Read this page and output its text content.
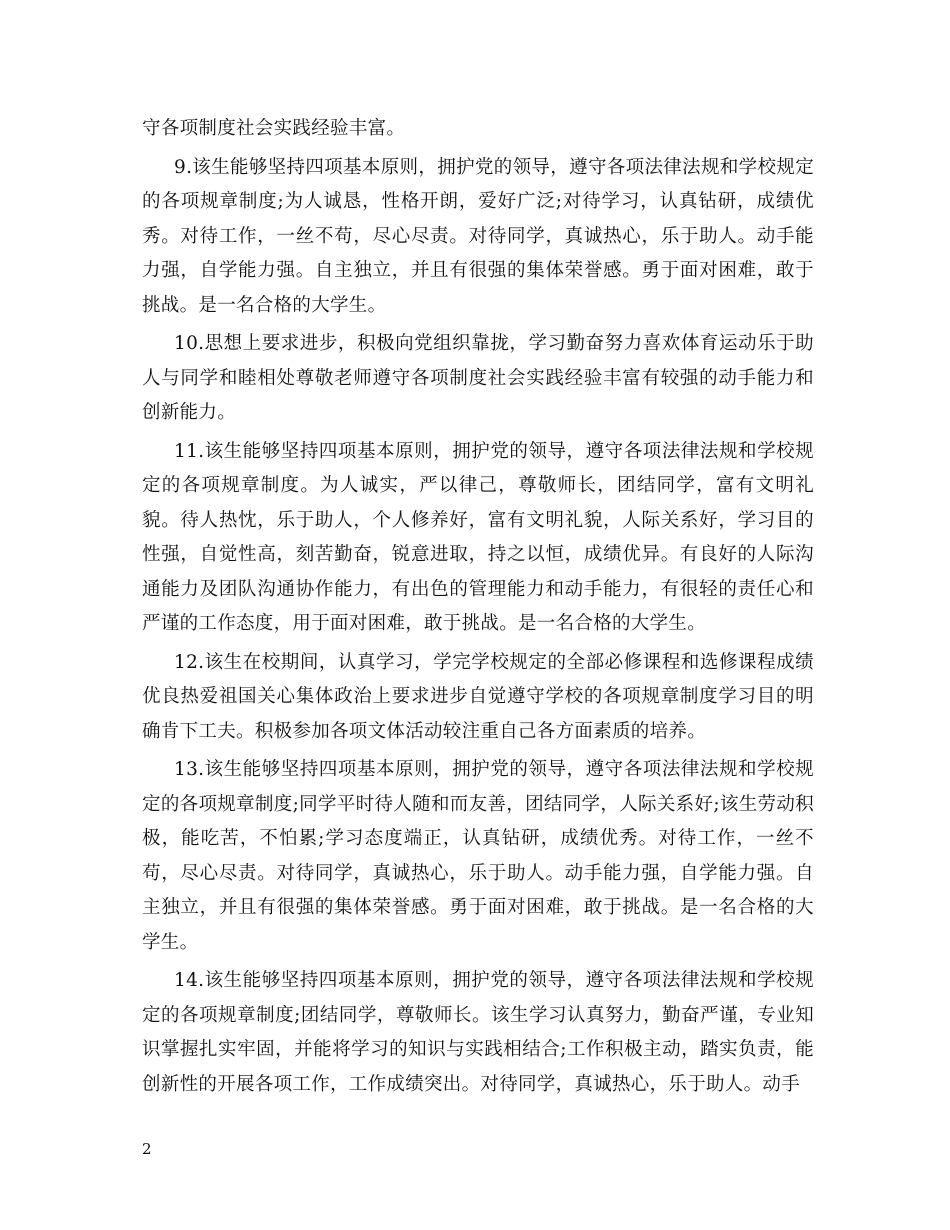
守各项制度社会实践经验丰富。

9.该生能够坚持四项基本原则，拥护党的领导，遵守各项法律法规和学校规定的各项规章制度;为人诚恳，性格开朗，爱好广泛;对待学习，认真钻研，成绩优秀。对待工作，一丝不苟，尽心尽责。对待同学，真诚热心，乐于助人。动手能力强，自学能力强。自主独立，并且有很强的集体荣誉感。勇于面对困难，敢于挑战。是一名合格的大学生。

10.思想上要求进步，积极向党组织靠拢，学习勤奋努力喜欢体育运动乐于助人与同学和睦相处尊敬老师遵守各项制度社会实践经验丰富有较强的动手能力和创新能力。

11.该生能够坚持四项基本原则，拥护党的领导，遵守各项法律法规和学校规定的各项规章制度。为人诚实，严以律己，尊敬师长，团结同学，富有文明礼貌。待人热忱，乐于助人，个人修养好，富有文明礼貌，人际关系好，学习目的性强，自觉性高，刻苦勤奋，锐意进取，持之以恒，成绩优异。有良好的人际沟通能力及团队沟通协作能力，有出色的管理能力和动手能力，有很轻的责任心和严谨的工作态度，用于面对困难，敢于挑战。是一名合格的大学生。

12.该生在校期间，认真学习，学完学校规定的全部必修课程和选修课程成绩优良热爱祖国关心集体政治上要求进步自觉遵守学校的各项规章制度学习目的明确肯下工夫。积极参加各项文体活动较注重自己各方面素质的培养。

13.该生能够坚持四项基本原则，拥护党的领导，遵守各项法律法规和学校规定的各项规章制度;同学平时待人随和而友善，团结同学，人际关系好;该生劳动积极，能吃苦，不怕累;学习态度端正，认真钻研，成绩优秀。对待工作，一丝不苟，尽心尽责。对待同学，真诚热心，乐于助人。动手能力强，自学能力强。自主独立，并且有很强的集体荣誉感。勇于面对困难，敢于挑战。是一名合格的大学生。

14.该生能够坚持四项基本原则，拥护党的领导，遵守各项法律法规和学校规定的各项规章制度;团结同学，尊敬师长。该生学习认真努力，勤奋严谨，专业知识掌握扎实牢固，并能将学习的知识与实践相结合;工作积极主动，踏实负责，能创新性的开展各项工作，工作成绩突出。对待同学，真诚热心，乐于助人。动手

2
